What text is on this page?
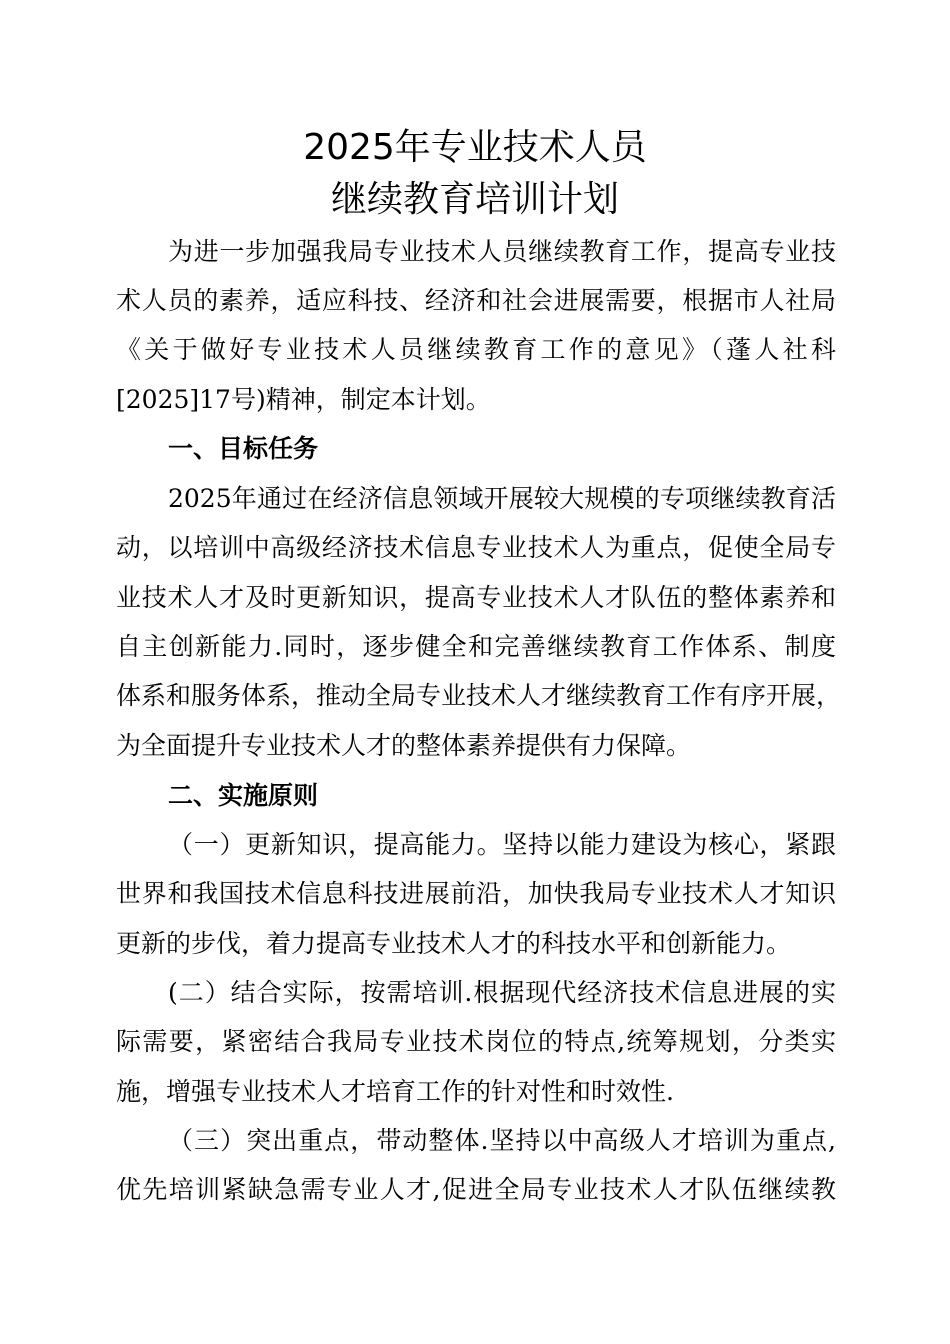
2025年专业技术人员
继续教育培训计划

为进一步加强我局专业技术人员继续教育工作，提高专业技

术人员的素养，适应科技、经济和社会进展需要，根据市人社局

《关于做好专业技术人员继续教育工作的意见》（蓬人社科

[2025]17号)精神，制定本计划。

一、目标任务

2025年通过在经济信息领域开展较大规模的专项继续教育活

动，以培训中高级经济技术信息专业技术人为重点，促使全局专

业技术人才及时更新知识，提高专业技术人才队伍的整体素养和

自主创新能力.同时，逐步健全和完善继续教育工作体系、制度

体系和服务体系，推动全局专业技术人才继续教育工作有序开展，

为全面提升专业技术人才的整体素养提供有力保障。

二、实施原则

（一）更新知识，提高能力。坚持以能力建设为核心，紧跟

世界和我国技术信息科技进展前沿，加快我局专业技术人才知识

更新的步伐，着力提高专业技术人才的科技水平和创新能力。

(二）结合实际，按需培训.根据现代经济技术信息进展的实

际需要，紧密结合我局专业技术岗位的特点,统筹规划，分类实

施，增强专业技术人才培育工作的针对性和时效性.

（三）突出重点，带动整体.坚持以中高级人才培训为重点,

优先培训紧缺急需专业人才,促进全局专业技术人才队伍继续教
